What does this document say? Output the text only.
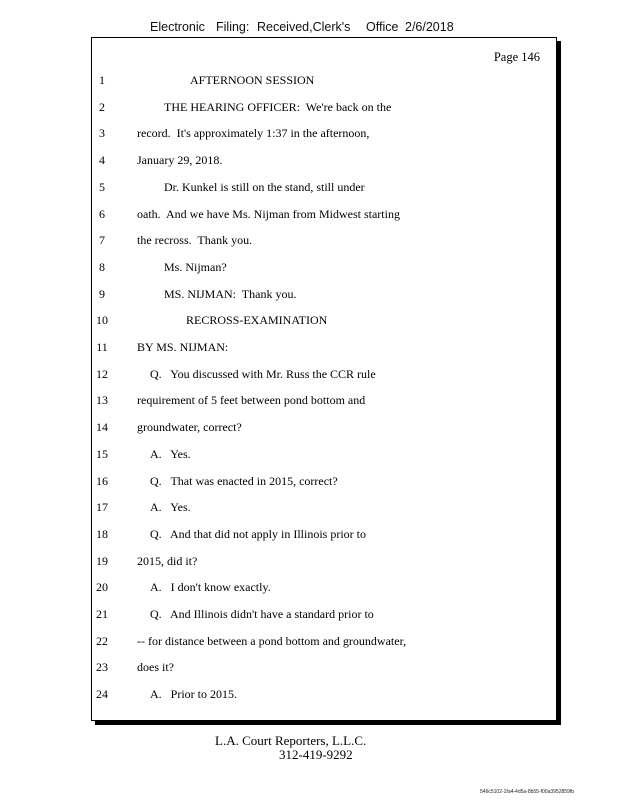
Electronic Filing: Received,Clerk's Office 2/6/2018
Page 146
1	AFTERNOON SESSION
2	THE HEARING OFFICER:  We're back on the
3	record.  It's approximately 1:37 in the afternoon,
4	January 29, 2018.
5	Dr. Kunkel is still on the stand, still under
6	oath.  And we have Ms. Nijman from Midwest starting
7	the recross.  Thank you.
8	Ms. Nijman?
9	MS. NIJMAN:  Thank you.
10	RECROSS-EXAMINATION
11	BY MS. NIJMAN:
12	Q.   You discussed with Mr. Russ the CCR rule
13	requirement of 5 feet between pond bottom and
14	groundwater, correct?
15	A.   Yes.
16	Q.   That was enacted in 2015, correct?
17	A.   Yes.
18	Q.   And that did not apply in Illinois prior to
19	2015, did it?
20	A.   I don't know exactly.
21	Q.   And Illinois didn't have a standard prior to
22	-- for distance between a pond bottom and groundwater,
23	does it?
24	A.   Prior to 2015.
L.A. Court Reporters, L.L.C.
312-419-9292
546c5102-1fa4-4d5a-8b55-f00a3952859fb
